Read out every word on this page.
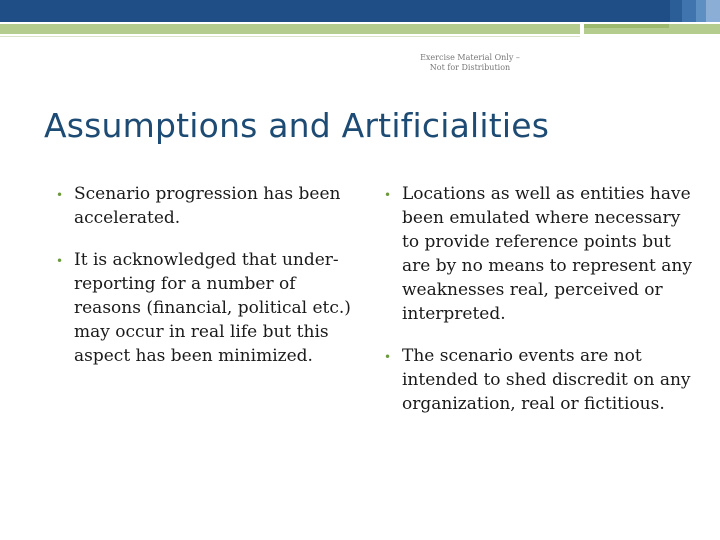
Exercise Material Only –
Not for Distribution
Assumptions and Artificialities
• Scenario progression has been accelerated.
• It is acknowledged that under-reporting for a number of reasons (financial, political etc.) may occur in real life but this aspect has been minimized.
• Locations as well as entities have been emulated where necessary to provide reference points but are by no means to represent any weaknesses real, perceived or interpreted.
• The scenario events are not intended to shed discredit on any organization, real or fictitious.
